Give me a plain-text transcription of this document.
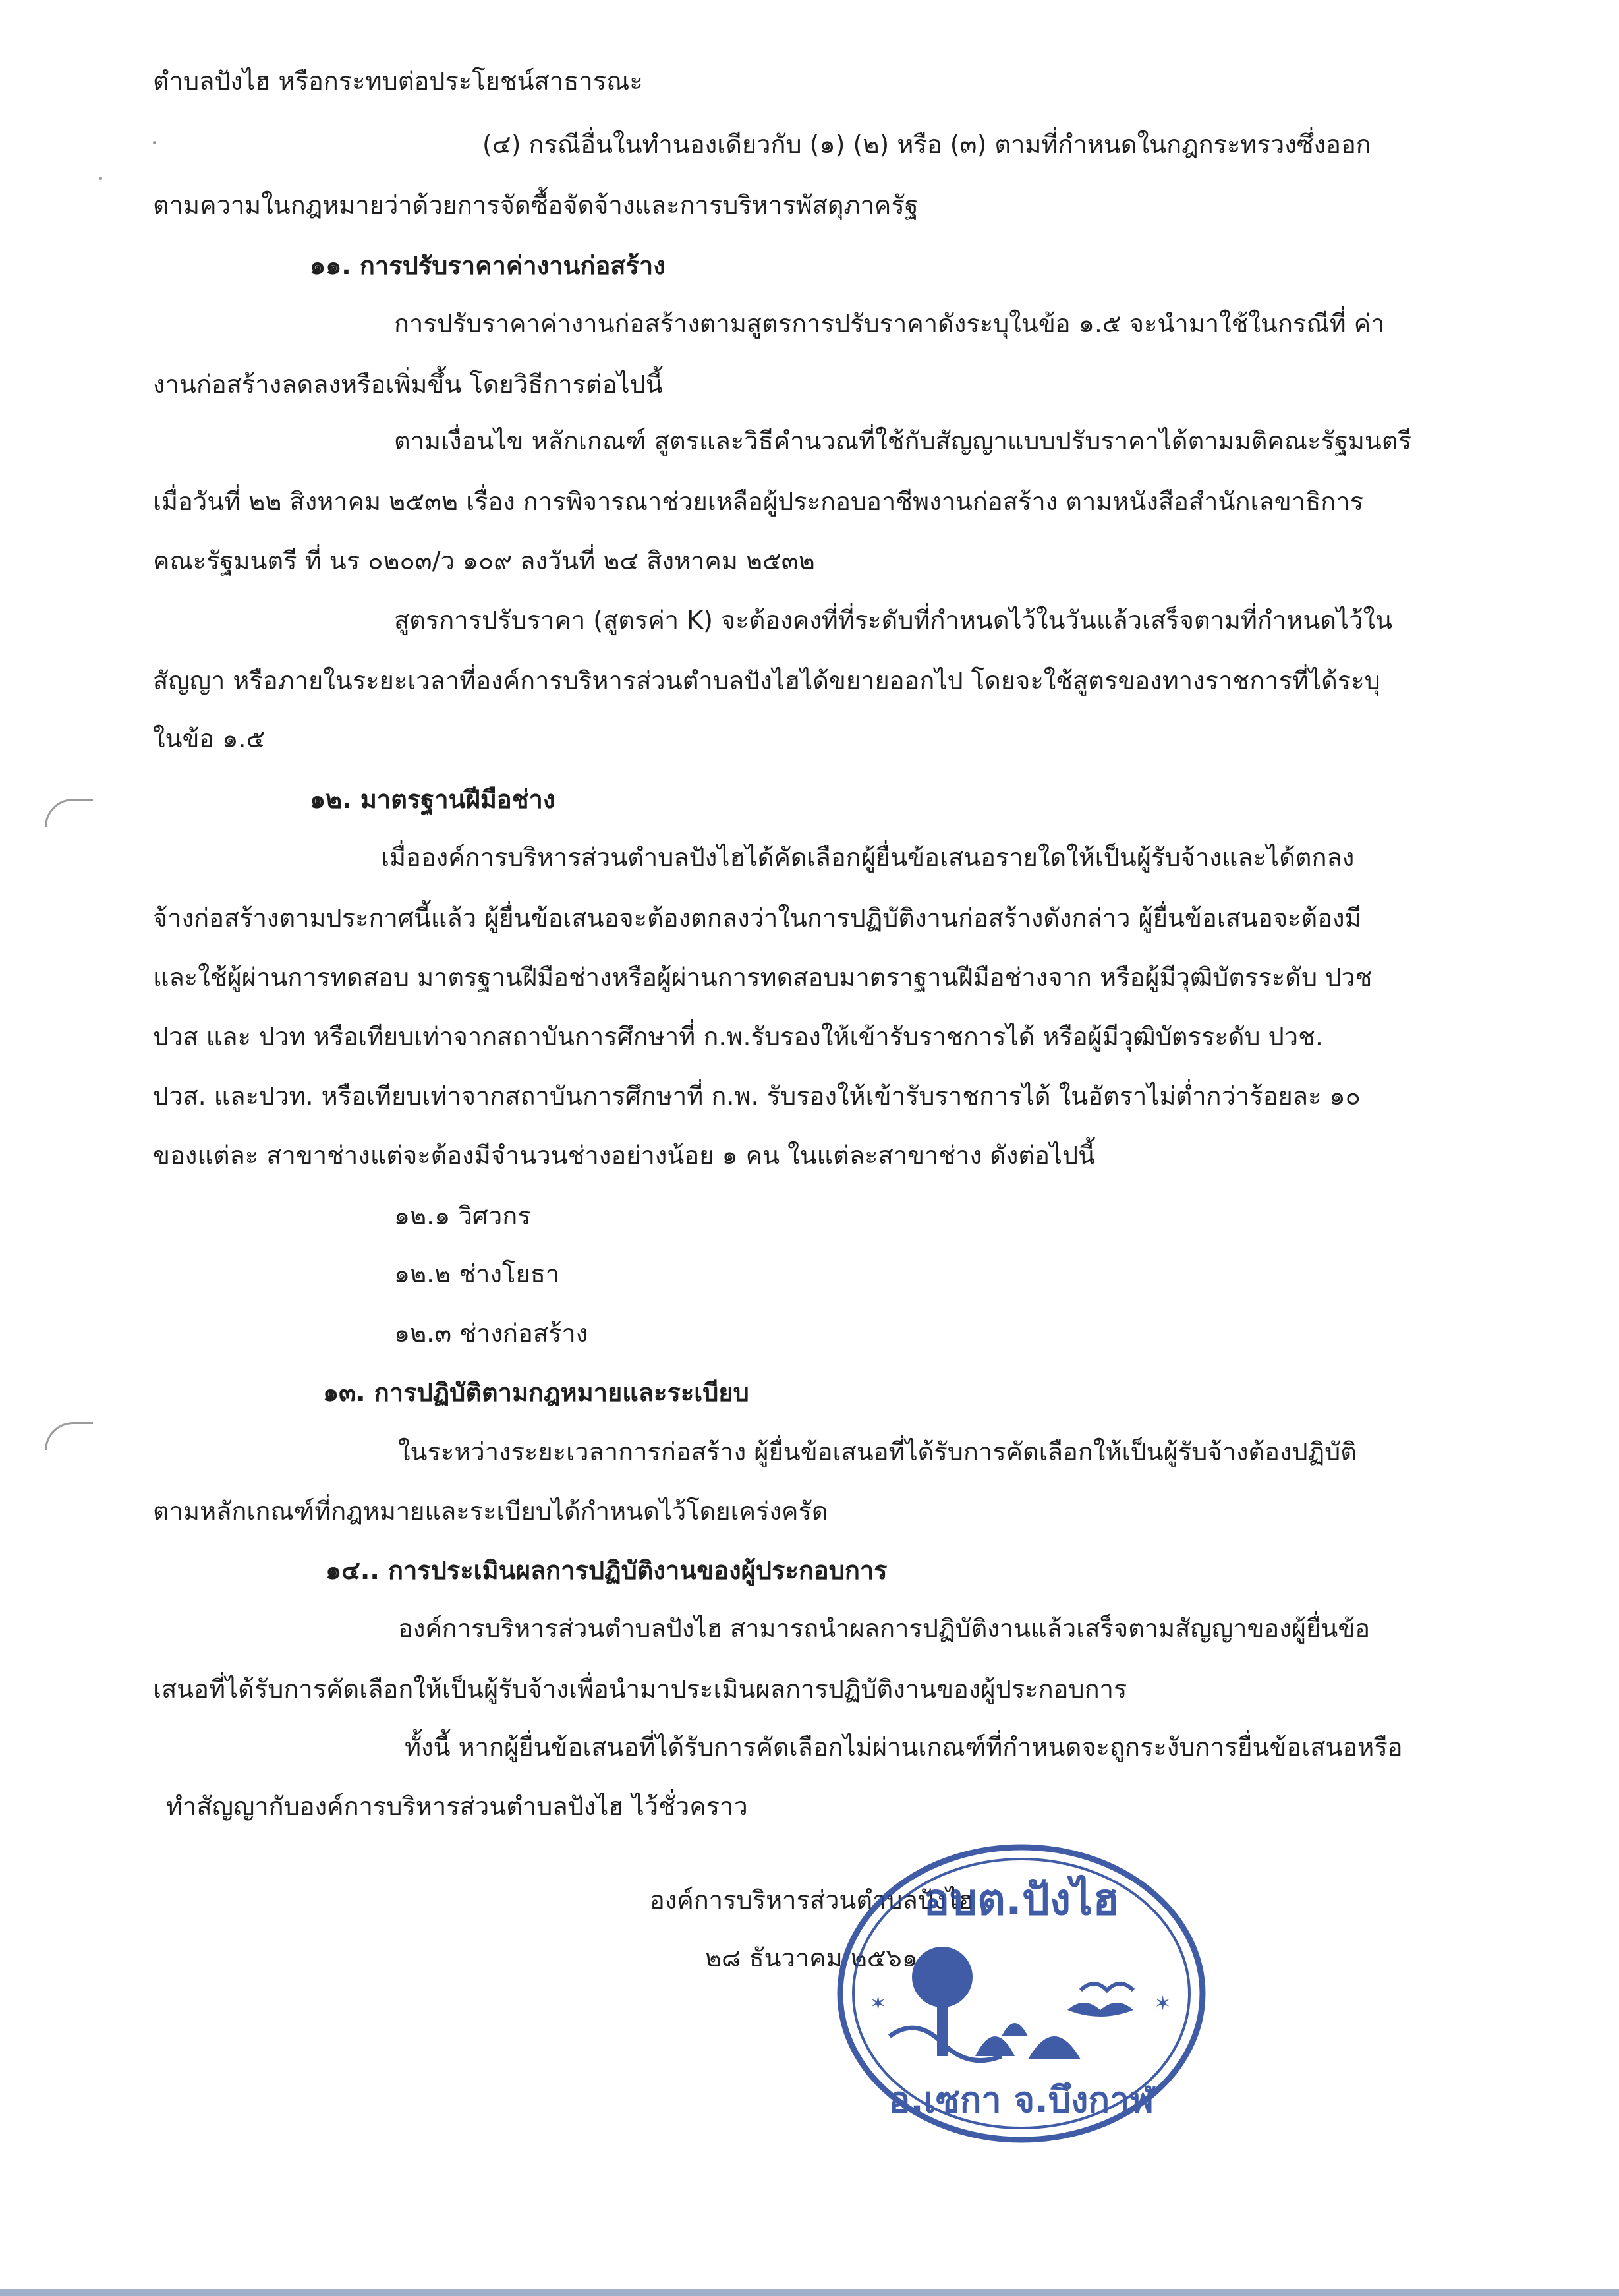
ตำบลปังไฮ หรือกระทบต่อประโยชน์สาธารณะ
(๔) กรณีอื่นในทำนองเดียวกับ (๑) (๒) หรือ (๓) ตามที่กำหนดในกฎกระทรวงซึ่งออก
ตามความในกฎหมายว่าด้วยการจัดซื้อจัดจ้างและการบริหารพัสดุภาครัฐ
๑๑. การปรับราคาค่างานก่อสร้าง
การปรับราคาค่างานก่อสร้างตามสูตรการปรับราคาดังระบุในข้อ ๑.๕ จะนำมาใช้ในกรณีที่ ค่า
งานก่อสร้างลดลงหรือเพิ่มขึ้น โดยวิธีการต่อไปนี้
ตามเงื่อนไข หลักเกณฑ์ สูตรและวิธีคำนวณที่ใช้กับสัญญาแบบปรับราคาได้ตามมติคณะรัฐมนตรี
เมื่อวันที่ ๒๒ สิงหาคม ๒๕๓๒ เรื่อง การพิจารณาช่วยเหลือผู้ประกอบอาชีพงานก่อสร้าง ตามหนังสือสำนักเลขาธิการ
คณะรัฐมนตรี ที่ นร ๐๒๐๓/ว ๑๐๙ ลงวันที่ ๒๔ สิงหาคม ๒๕๓๒
สูตรการปรับราคา (สูตรค่า K) จะต้องคงที่ที่ระดับที่กำหนดไว้ในวันแล้วเสร็จตามที่กำหนดไว้ใน
สัญญา หรือภายในระยะเวลาที่องค์การบริหารส่วนตำบลปังไฮได้ขยายออกไป โดยจะใช้สูตรของทางราชการที่ได้ระบุ
ในข้อ ๑.๕
๑๒. มาตรฐานฝีมือช่าง
เมื่อองค์การบริหารส่วนตำบลปังไฮได้คัดเลือกผู้ยื่นข้อเสนอรายใดให้เป็นผู้รับจ้างและได้ตกลง
จ้างก่อสร้างตามประกาศนี้แล้ว ผู้ยื่นข้อเสนอจะต้องตกลงว่าในการปฏิบัติงานก่อสร้างดังกล่าว ผู้ยื่นข้อเสนอจะต้องมี
และใช้ผู้ผ่านการทดสอบ มาตรฐานฝีมือช่างหรือผู้ผ่านการทดสอบมาตราฐานฝีมือช่างจาก หรือผู้มีวุฒิบัตรระดับ ปวช
ปวส และ ปวท หรือเทียบเท่าจากสถาบันการศึกษาที่ ก.พ.รับรองให้เข้ารับราชการได้ หรือผู้มีวุฒิบัตรระดับ ปวช.
ปวส. และปวท. หรือเทียบเท่าจากสถาบันการศึกษาที่ ก.พ. รับรองให้เข้ารับราชการได้ ในอัตราไม่ต่ำกว่าร้อยละ ๑๐
ของแต่ละ สาขาช่างแต่จะต้องมีจำนวนช่างอย่างน้อย ๑ คน ในแต่ละสาขาช่าง ดังต่อไปนี้
๑๒.๑ วิศวกร
๑๒.๒ ช่างโยธา
๑๒.๓ ช่างก่อสร้าง
๑๓. การปฏิบัติตามกฎหมายและระเบียบ
ในระหว่างระยะเวลาการก่อสร้าง ผู้ยื่นข้อเสนอที่ได้รับการคัดเลือกให้เป็นผู้รับจ้างต้องปฏิบัติ
ตามหลักเกณฑ์ที่กฎหมายและระเบียบได้กำหนดไว้โดยเคร่งครัด
๑๔.. การประเมินผลการปฏิบัติงานของผู้ประกอบการ
องค์การบริหารส่วนตำบลปังไฮ สามารถนำผลการปฏิบัติงานแล้วเสร็จตามสัญญาของผู้ยื่นข้อ
เสนอที่ได้รับการคัดเลือกให้เป็นผู้รับจ้างเพื่อนำมาประเมินผลการปฏิบัติงานของผู้ประกอบการ
ทั้งนี้ หากผู้ยื่นข้อเสนอที่ได้รับการคัดเลือกไม่ผ่านเกณฑ์ที่กำหนดจะถูกระงับการยื่นข้อเสนอหรือ
ทำสัญญากับองค์การบริหารส่วนตำบลปังไฮ ไว้ชั่วคราว
องค์การบริหารส่วนตำบลปังไฮ
๒๘ ธันวาคม ๒๕๖๑
อบต.ปังไฮ
อ.เซกา จ.บึงกาฬ
✶	✶
